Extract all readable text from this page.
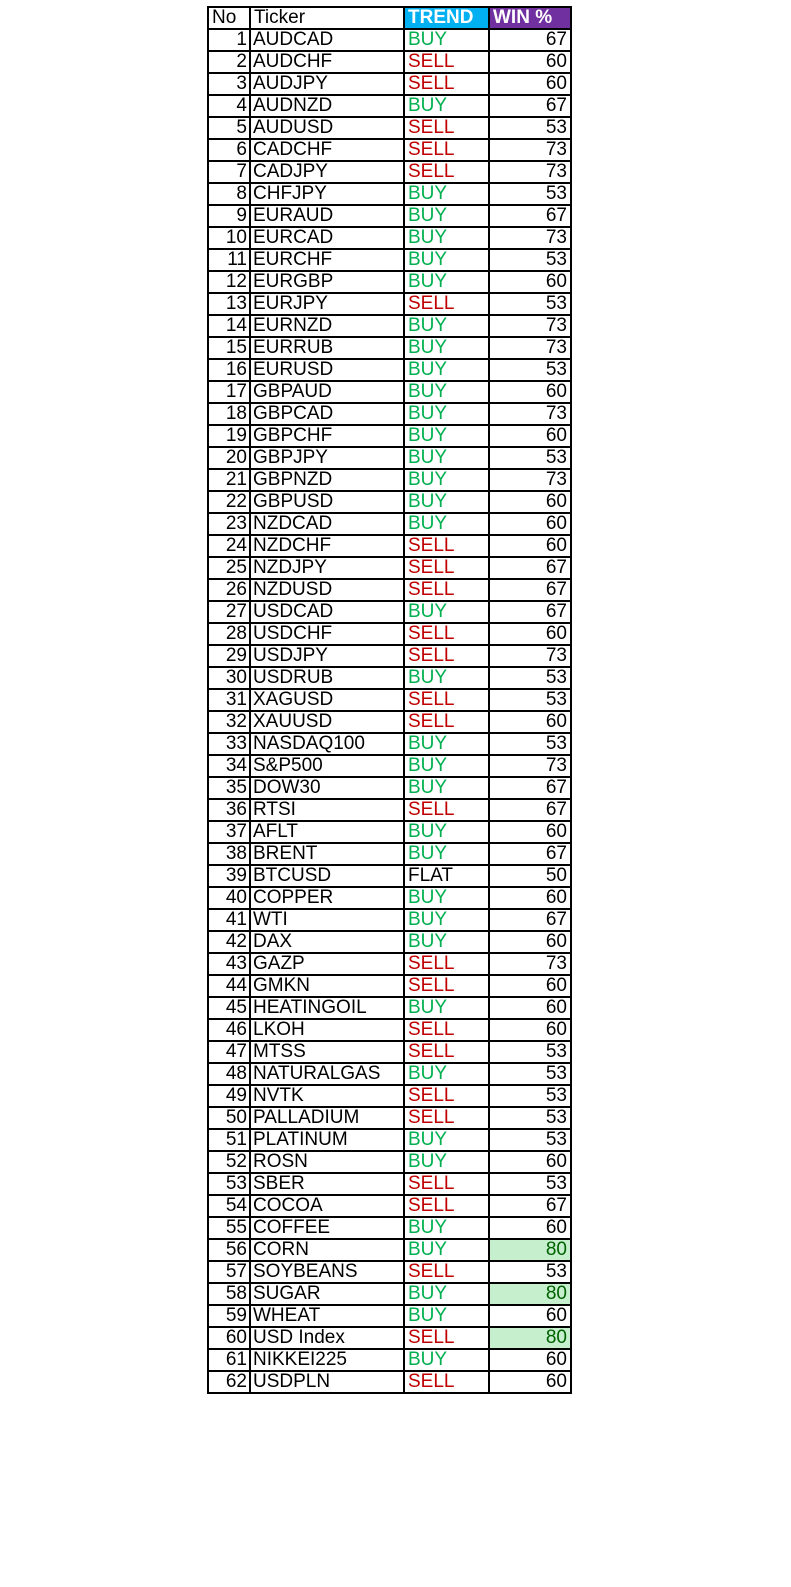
No	Ticker	TREND	WIN %
1	AUDCAD	BUY	67
2	AUDCHF	SELL	60
3	AUDJPY	SELL	60
4	AUDNZD	BUY	67
5	AUDUSD	SELL	53
6	CADCHF	SELL	73
7	CADJPY	SELL	73
8	CHFJPY	BUY	53
9	EURAUD	BUY	67
10	EURCAD	BUY	73
11	EURCHF	BUY	53
12	EURGBP	BUY	60
13	EURJPY	SELL	53
14	EURNZD	BUY	73
15	EURRUB	BUY	73
16	EURUSD	BUY	53
17	GBPAUD	BUY	60
18	GBPCAD	BUY	73
19	GBPCHF	BUY	60
20	GBPJPY	BUY	53
21	GBPNZD	BUY	73
22	GBPUSD	BUY	60
23	NZDCAD	BUY	60
24	NZDCHF	SELL	60
25	NZDJPY	SELL	67
26	NZDUSD	SELL	67
27	USDCAD	BUY	67
28	USDCHF	SELL	60
29	USDJPY	SELL	73
30	USDRUB	BUY	53
31	XAGUSD	SELL	53
32	XAUUSD	SELL	60
33	NASDAQ100	BUY	53
34	S&P500	BUY	73
35	DOW30	BUY	67
36	RTSI	SELL	67
37	AFLT	BUY	60
38	BRENT	BUY	67
39	BTCUSD	FLAT	50
40	COPPER	BUY	60
41	WTI	BUY	67
42	DAX	BUY	60
43	GAZP	SELL	73
44	GMKN	SELL	60
45	HEATINGOIL	BUY	60
46	LKOH	SELL	60
47	MTSS	SELL	53
48	NATURALGAS	BUY	53
49	NVTK	SELL	53
50	PALLADIUM	SELL	53
51	PLATINUM	BUY	53
52	ROSN	BUY	60
53	SBER	SELL	53
54	COCOA	SELL	67
55	COFFEE	BUY	60
56	CORN	BUY	80
57	SOYBEANS	SELL	53
58	SUGAR	BUY	80
59	WHEAT	BUY	60
60	USD Index	SELL	80
61	NIKKEI225	BUY	60
62	USDPLN	SELL	60
